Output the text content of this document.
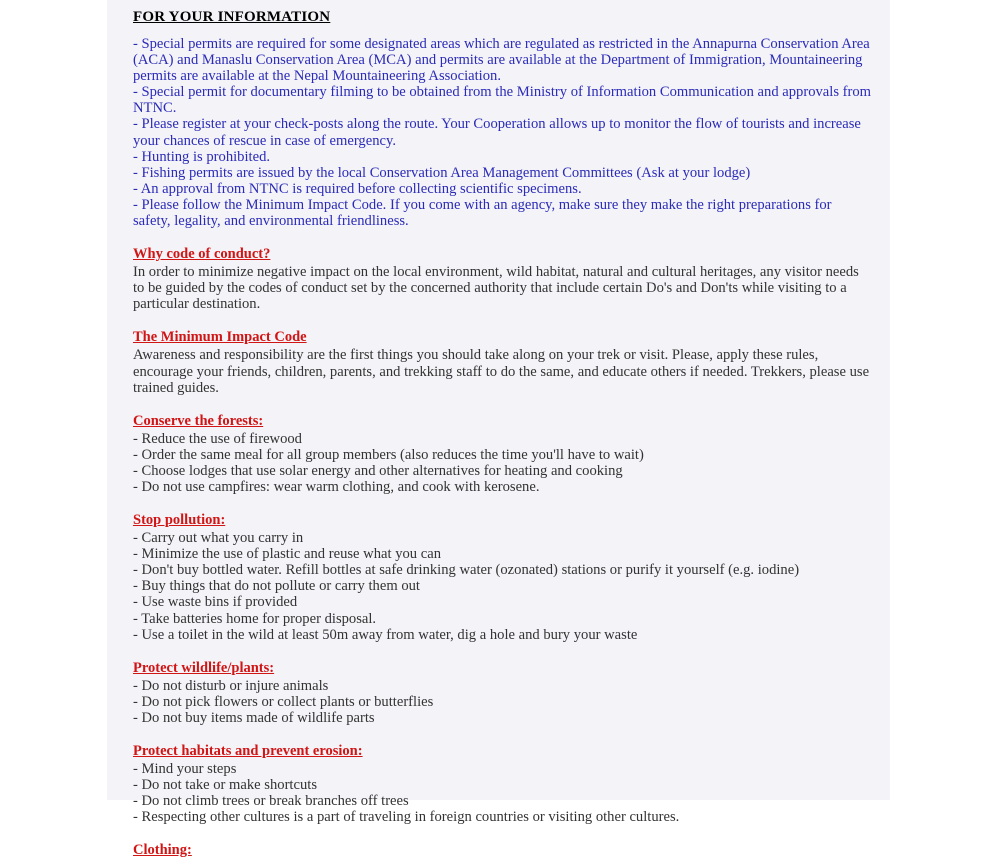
FOR YOUR INFORMATION

- Special permits are required for some designated areas which are regulated as restricted in the Annapurna Conservation Area (ACA) and Manaslu Conservation Area (MCA) and permits are available at the Department of Immigration, Mountaineering permits are available at the Nepal Mountaineering Association.

- Special permit for documentary filming to be obtained from the Ministry of Information Communication and approvals from NTNC.

- Please register at your check-posts along the route. Your Cooperation allows up to monitor the flow of tourists and increase your chances of rescue in case of emergency.

- Hunting is prohibited.

- Fishing permits are issued by the local Conservation Area Management Committees (Ask at your lodge)

- An approval from NTNC is required before collecting scientific specimens.

- Please follow the Minimum Impact Code. If you come with an agency, make sure they make the right preparations for safety, legality, and environmental friendliness.

Why code of conduct?

In order to minimize negative impact on the local environment, wild habitat, natural and cultural heritages, any visitor needs to be guided by the codes of conduct set by the concerned authority that include certain Do's and Don'ts while visiting to a particular destination.

The Minimum Impact Code

Awareness and responsibility are the first things you should take along on your trek or visit. Please, apply these rules, encourage your friends, children, parents, and trekking staff to do the same, and educate others if needed. Trekkers, please use trained guides.

Conserve the forests:
- Reduce the use of firewood
- Order the same meal for all group members (also reduces the time you'll have to wait)
- Choose lodges that use solar energy and other alternatives for heating and cooking
- Do not use campfires: wear warm clothing, and cook with kerosene.
Stop pollution:
- Carry out what you carry in
- Minimize the use of plastic and reuse what you can
- Don't buy bottled water. Refill bottles at safe drinking water (ozonated) stations or purify it yourself (e.g. iodine)
- Buy things that do not pollute or carry them out
- Use waste bins if provided
- Take batteries home for proper disposal.
- Use a toilet in the wild at least 50m away from water, dig a hole and bury your waste
Protect wildlife/plants:
- Do not disturb or injure animals
- Do not pick flowers or collect plants or butterflies
- Do not buy items made of wildlife parts
Protect habitats and prevent erosion:
- Mind your steps
- Do not take or make shortcuts
- Do not climb trees or break branches off trees
- Respecting other cultures is a part of traveling in foreign countries or visiting other cultures.
Clothing:
